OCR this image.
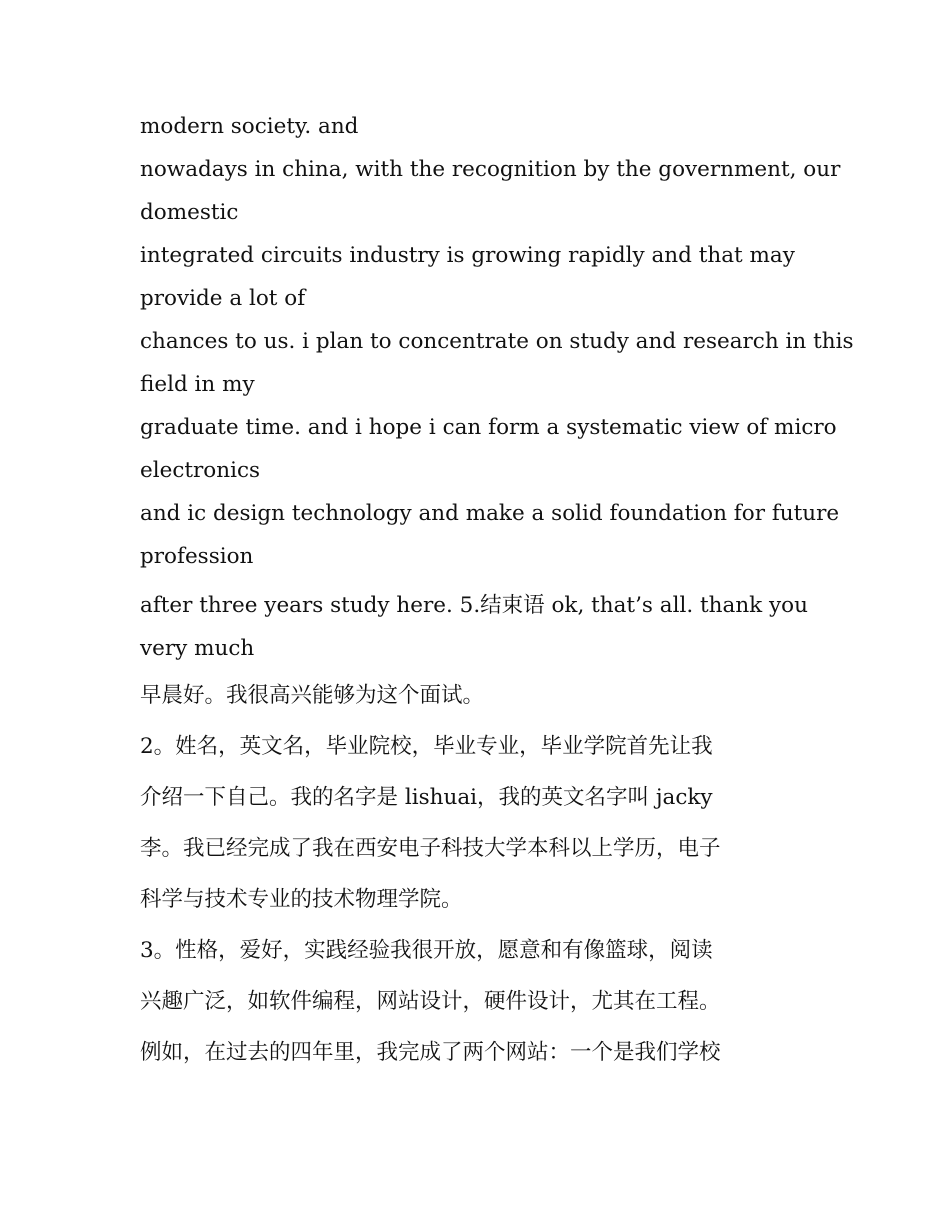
modern society. and

nowadays in china, with the recognition by the government, our

domestic

integrated circuits industry is growing rapidly and that may

provide a lot of

chances to us. i plan to concentrate on study and research in this

field in my

graduate time. and i hope i can form a systematic view of micro

electronics

and ic design technology and make a solid foundation for future

profession

after three years study here. 5.结束语 ok, that’s all. thank you

very much

早晨好。我很高兴能够为这个面试。

2。姓名，英文名，毕业院校，毕业专业，毕业学院首先让我

介绍一下自己。我的名字是 lishuai，我的英文名字叫 jacky

李。我已经完成了我在西安电子科技大学本科以上学历，电子

科学与技术专业的技术物理学院。

3。性格，爱好，实践经验我很开放，愿意和有像篮球，阅读

兴趣广泛，如软件编程，网站设计，硬件设计，尤其在工程。

例如，在过去的四年里，我完成了两个网站：一个是我们学校
